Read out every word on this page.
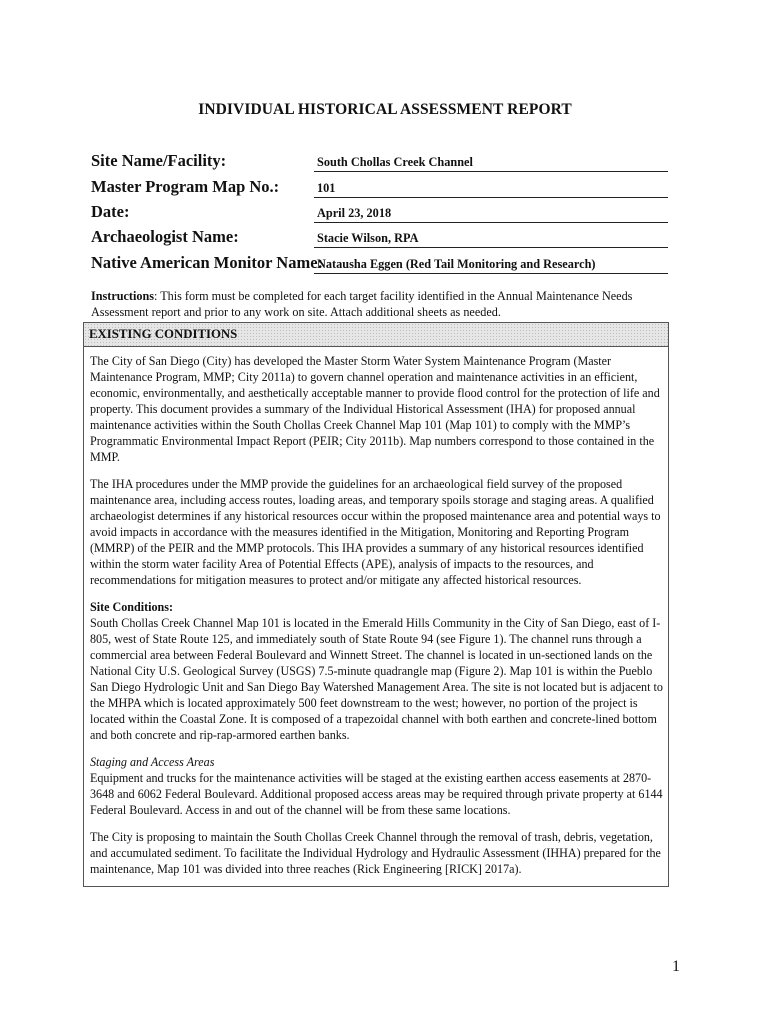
INDIVIDUAL HISTORICAL ASSESSMENT REPORT
Site Name/Facility:	South Chollas Creek Channel
Master Program Map No.:	101
Date:	April 23, 2018
Archaeologist Name:	Stacie Wilson, RPA
Native American Monitor Name:
Natausha Eggen (Red Tail Monitoring and Research)
Instructions: This form must be completed for each target facility identified in the Annual Maintenance Needs Assessment report and prior to any work on site. Attach additional sheets as needed.
EXISTING CONDITIONS

The City of San Diego (City) has developed the Master Storm Water System Maintenance Program (Master Maintenance Program, MMP; City 2011a) to govern channel operation and maintenance activities in an efficient, economic, environmentally, and aesthetically acceptable manner to provide flood control for the protection of life and property. This document provides a summary of the Individual Historical Assessment (IHA) for proposed annual maintenance activities within the South Chollas Creek Channel Map 101 (Map 101) to comply with the MMP’s Programmatic Environmental Impact Report (PEIR; City 2011b). Map numbers correspond to those contained in the MMP.

The IHA procedures under the MMP provide the guidelines for an archaeological field survey of the proposed maintenance area, including access routes, loading areas, and temporary spoils storage and staging areas. A qualified archaeologist determines if any historical resources occur within the proposed maintenance area and potential ways to avoid impacts in accordance with the measures identified in the Mitigation, Monitoring and Reporting Program (MMRP) of the PEIR and the MMP protocols. This IHA provides a summary of any historical resources identified within the storm water facility Area of Potential Effects (APE), analysis of impacts to the resources, and recommendations for mitigation measures to protect and/or mitigate any affected historical resources.

Site Conditions:

South Chollas Creek Channel Map 101 is located in the Emerald Hills Community in the City of San Diego, east of I-805, west of State Route 125, and immediately south of State Route 94 (see Figure 1). The channel runs through a commercial area between Federal Boulevard and Winnett Street. The channel is located in un-sectioned lands on the National City U.S. Geological Survey (USGS) 7.5-minute quadrangle map (Figure 2). Map 101 is within the Pueblo San Diego Hydrologic Unit and San Diego Bay Watershed Management Area. The site is not located but is adjacent to the MHPA which is located approximately 500 feet downstream to the west; however, no portion of the project is located within the Coastal Zone. It is composed of a trapezoidal channel with both earthen and concrete-lined bottom and both concrete and rip-rap-armored earthen banks.

Staging and Access Areas

Equipment and trucks for the maintenance activities will be staged at the existing earthen access easements at 2870-3648 and 6062 Federal Boulevard. Additional proposed access areas may be required through private property at 6144 Federal Boulevard. Access in and out of the channel will be from these same locations.

The City is proposing to maintain the South Chollas Creek Channel through the removal of trash, debris, vegetation, and accumulated sediment. To facilitate the Individual Hydrology and Hydraulic Assessment (IHHA) prepared for the maintenance, Map 101 was divided into three reaches (Rick Engineering [RICK] 2017a).

1
